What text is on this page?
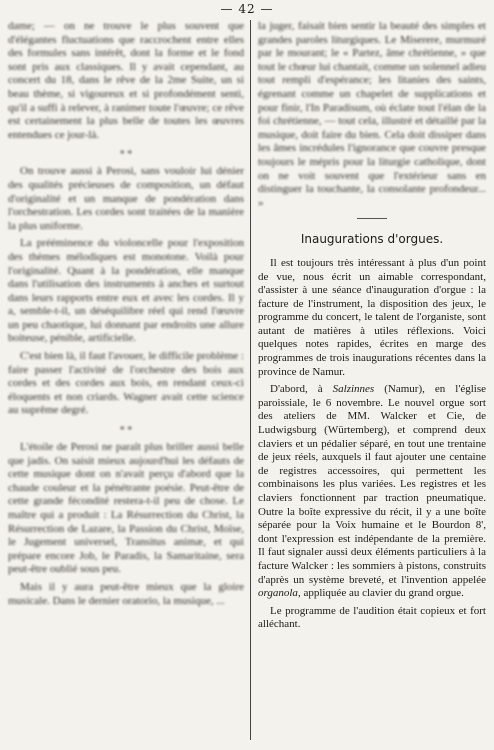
— 42 —

dame; — on ne trouve le plus souvent que d'élégantes fluctuations que raccrochent entre elles des formules sans intérêt, dont la forme et le fond sont pris aux classiques. Il y avait cependant, au concert du 18, dans le rêve de la 2me Suite, un si beau thème, si vigoureux et si profondément senti, qu'il a suffi à relever, à ranimer toute l'œuvre; ce rêve est certainement la plus belle de toutes les œuvres entendues ce jour-là.

* *

On trouve aussi à Perosi, sans vouloir lui dénier des qualités précieuses de composition, un défaut d'originalité et un manque de pondération dans l'orchestration. Les cordes sont traitées de la manière la plus uniforme.

La prééminence du violoncelle pour l'exposition des thèmes mélodiques est monotone. Voilà pour l'originalité. Quant à la pondération, elle manque dans l'utilisation des instruments à anches et surtout dans leurs rapports entre eux et avec les cordes. Il y a, semble-t-il, un déséquilibre réel qui rend l'œuvre un peu chaotique, lui donnant par endroits une allure boiteuse, pénible, artificielle.

C'est bien là, il faut l'avouer, le difficile problème : faire passer l'activité de l'orchestre des bois aux cordes et des cordes aux bois, en rendant ceux-ci éloquents et non criards. Wagner avait cette science au suprême degré.

* *

L'étoile de Perosi ne paraît plus briller aussi belle que jadis. On saisit mieux aujourd'hui les défauts de cette musique dont on n'avait perçu d'abord que la chaude couleur et la pénétrante poésie. Peut-être de cette grande fécondité restera-t-il peu de chose. Le maître qui a produit : La Résurrection du Christ, la Résurrection de Lazare, la Passion du Christ, Moïse, le Jugement universel, Transitus animæ, et qui prépare encore Job, le Paradis, la Samaritaine, sera peut-être oublié sous peu.

Mais il y aura peut-être mieux que la gloire musicale. Dans le dernier oratorio, la musique, ...

la juger, faisait bien sentir la beauté des simples et grandes paroles liturgiques. Le Miserere, murmuré par le mourant; le « Partez, âme chrétienne, » que tout le chœur lui chantait, comme un solennel adieu tout rempli d'espérance; les litanies des saints, égrenant comme un chapelet de supplications et pour finir, l'In Paradisum, où éclate tout l'élan de la foi chrétienne, — tout cela, illustré et détaillé par la musique, doit faire du bien. Cela doit dissiper dans les âmes incrédules l'ignorance que couvre presque toujours le mépris pour la liturgie catholique, dont on ne voit souvent que l'extérieur sans en distinguer la touchante, la consolante profondeur... »

Inaugurations d'orgues.

Il est toujours très intéressant à plus d'un point de vue, nous écrit un aimable correspondant, d'assister à une séance d'inauguration d'orgue : la facture de l'instrument, la disposition des jeux, le programme du concert, le talent de l'organiste, sont autant de matières à utiles réflexions. Voici quelques notes rapides, écrites en marge des programmes de trois inaugurations récentes dans la province de Namur.

D'abord, à Salzinnes (Namur), en l'église paroissiale, le 6 novembre. Le nouvel orgue sort des ateliers de MM. Walcker et Cie, de Ludwigsburg (Würtemberg), et comprend deux claviers et un pédalier séparé, en tout une trentaine de jeux réels, auxquels il faut ajouter une centaine de registres accessoires, qui permettent les combinaisons les plus variées. Les registres et les claviers fonctionnent par traction pneumatique. Outre la boîte expressive du récit, il y a une boîte séparée pour la Voix humaine et le Bourdon 8', dont l'expression est indépendante de la première. Il faut signaler aussi deux éléments particuliers à la facture Walcker : les sommiers à pistons, construits d'après un système breveté, et l'invention appelée organola, appliquée au clavier du grand orgue.

Le programme de l'audition était copieux et fort alléchant.
